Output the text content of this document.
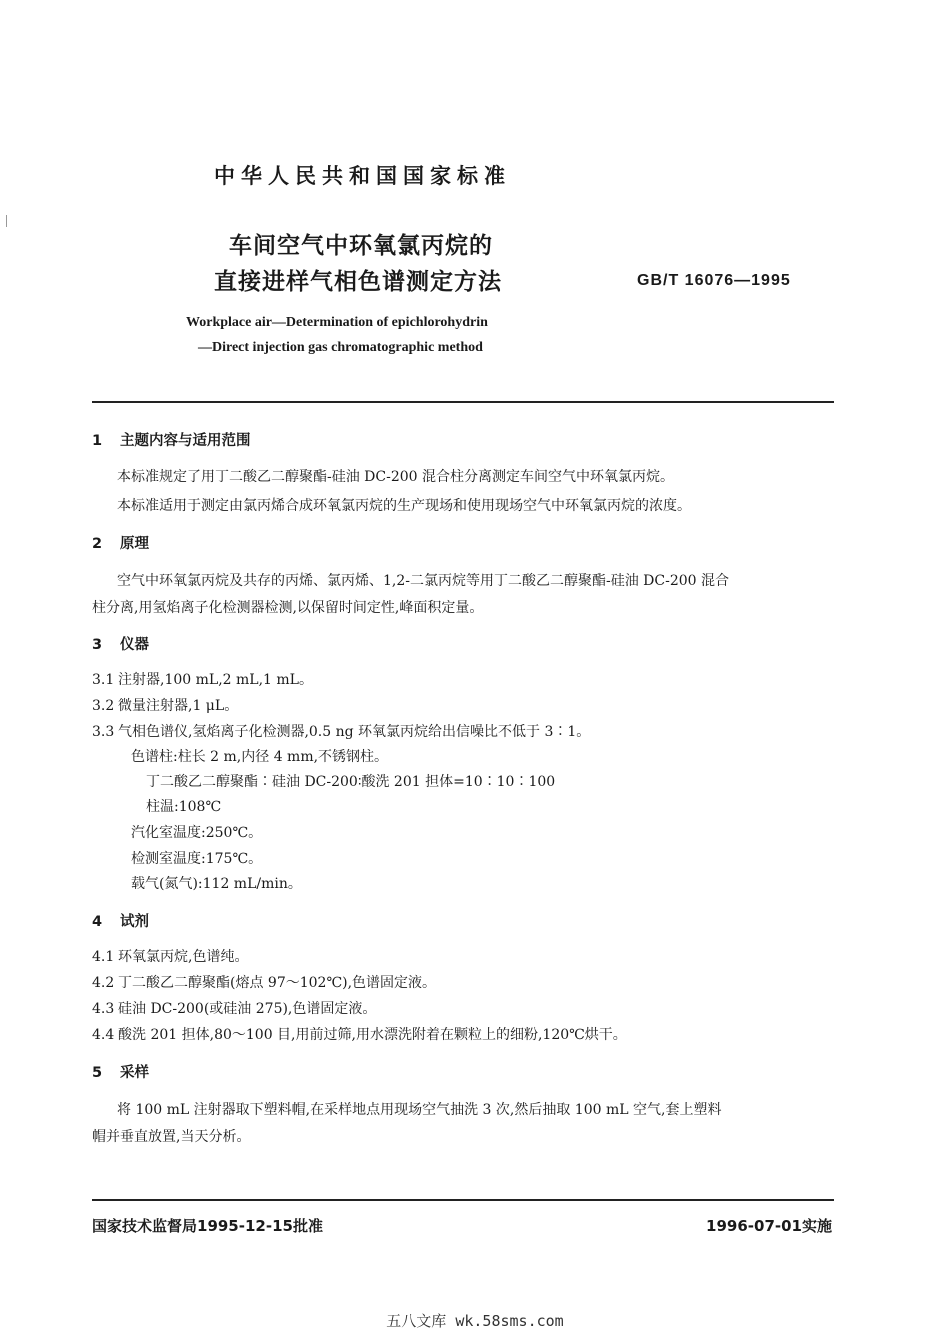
中华人民共和国国家标准
车间空气中环氧氯丙烷的
直接进样气相色谱测定方法	GB/T 16076—1995
Workplace air—Determination of epichlorohydrin
—Direct injection gas chromatographic method
1 主题内容与适用范围
本标准规定了用丁二酸乙二醇聚酯-硅油 DC-200 混合柱分离测定车间空气中环氧氯丙烷。
本标准适用于测定由氯丙烯合成环氧氯丙烷的生产现场和使用现场空气中环氧氯丙烷的浓度。
2 原理
空气中环氧氯丙烷及共存的丙烯、氯丙烯、1,2-二氯丙烷等用丁二酸乙二醇聚酯-硅油 DC-200 混合
柱分离,用氢焰离子化检测器检测,以保留时间定性,峰面积定量。
3 仪器
3.1 注射器,100 mL,2 mL,1 mL。
3.2 微量注射器,1 μL。
3.3 气相色谱仪,氢焰离子化检测器,0.5 ng 环氧氯丙烷给出信噪比不低于 3∶1。
色谱柱:柱长 2 m,内径 4 mm,不锈钢柱。
丁二酸乙二醇聚酯∶硅油 DC-200∶酸洗 201 担体=10∶10∶100
柱温:108℃
汽化室温度:250℃。
检测室温度:175℃。
载气(氮气):112 mL/min。
4 试剂
4.1 环氧氯丙烷,色谱纯。
4.2 丁二酸乙二醇聚酯(熔点 97～102℃),色谱固定液。
4.3 硅油 DC-200(或硅油 275),色谱固定液。
4.4 酸洗 201 担体,80～100 目,用前过筛,用水漂洗附着在颗粒上的细粉,120℃烘干。
5 采样
将 100 mL 注射器取下塑料帽,在采样地点用现场空气抽洗 3 次,然后抽取 100 mL 空气,套上塑料
帽并垂直放置,当天分析。
国家技术监督局1995-12-15批准	1996-07-01实施
五八文库 wk.58sms.com
